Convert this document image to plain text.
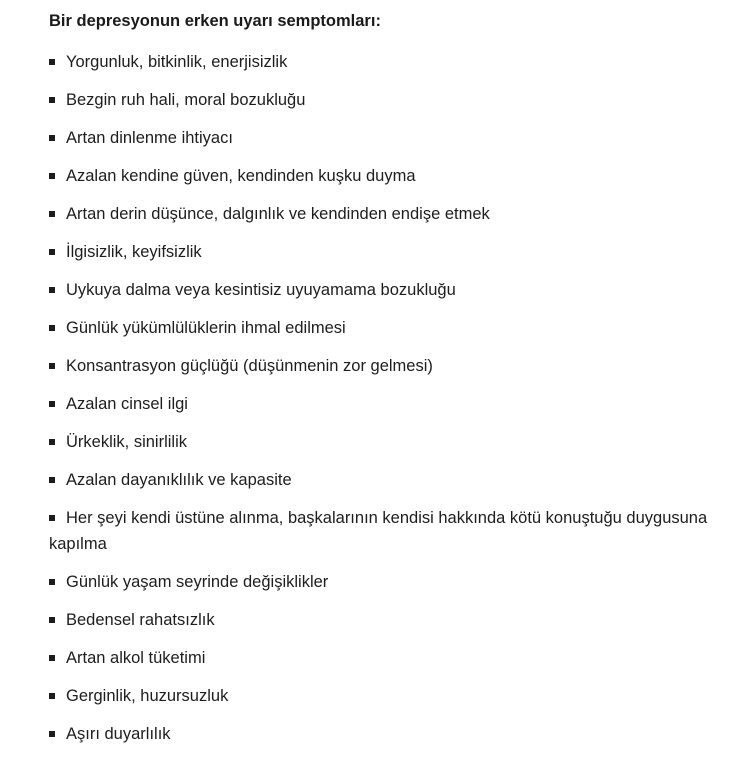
Bir depresyonun erken uyarı semptomları:
Yorgunluk, bitkinlik, enerjisizlik
Bezgin ruh hali, moral bozukluğu
Artan dinlenme ihtiyacı
Azalan kendine güven, kendinden kuşku duyma
Artan derin düşünce, dalgınlık ve kendinden endişe etmek
İlgisizlik, keyifsizlik
Uykuya dalma veya kesintisiz uyuyamama bozukluğu
Günlük yükümlülüklerin ihmal edilmesi
Konsantrasyon güçlüğü (düşünmenin zor gelmesi)
Azalan cinsel ilgi
Ürkeklik, sinirlilik
Azalan dayanıklılık ve kapasite
Her şeyi kendi üstüne alınma, başkalarının kendisi hakkında kötü konuştuğu duygusuna kapılma
Günlük yaşam seyrinde değişiklikler
Bedensel rahatsızlık
Artan alkol tüketimi
Gerginlik, huzursuzluk
Aşırı duyarlılık
